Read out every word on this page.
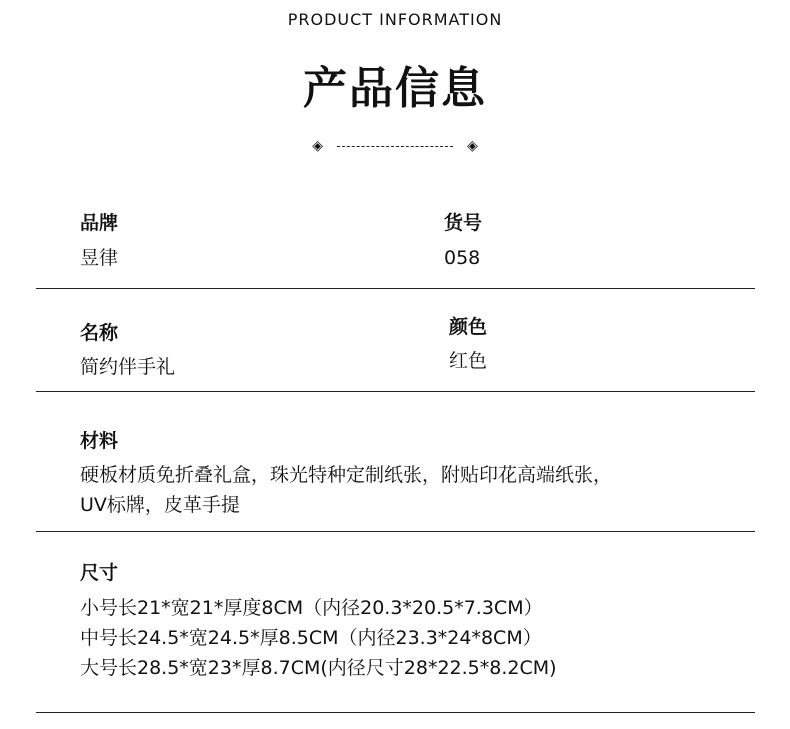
PRODUCT INFORMATION
产品信息
◈	◈
品牌
昱律
货号
058
名称
简约伴手礼
颜色
红色
材料
硬板材质免折叠礼盒，珠光特种定制纸张，附贴印花高端纸张，
UV标牌，皮革手提
尺寸
小号长21*宽21*厚度8CM（内径20.3*20.5*7.3CM）
中号长24.5*宽24.5*厚8.5CM（内径23.3*24*8CM）
大号长28.5*宽23*厚8.7CM(内径尺寸28*22.5*8.2CM)
